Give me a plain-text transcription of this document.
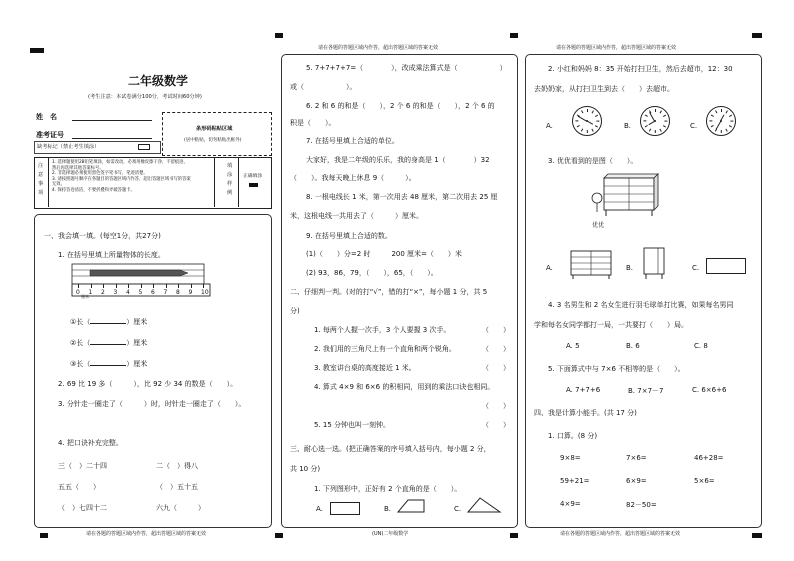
请在各题的答题区域内作答，超出答题区域的答案无效	请在各题的答题区域内作答，超出答题区域的答案无效
请在各题的答题区域内作答，超出答题区域的答案无效	(UN)二年级数学	请在各题的答题区域内作答，超出答题区域的答案无效
二年级数学
(考生注意：本试卷满分100分，考试时间60分钟)
姓　名
准考证号
缺考标记（禁止考生填涂）
条形码粘贴区域
(居中粘贴，切勿粘贴出框外)
注意事项
1. 选择题使用2B铅笔填涂，如需改动，必须用橡皮擦干净，不留痕迹，然后再选择其他答案标号。
2. 非选择题必须使用黑色签字笔书写，笔迹清楚。
3. 请按照题号顺序在各题目的答题区域内作答，超出答题区域书写的答案无效。
4. 保持答卷清洁，不要折叠和弄破答题卡。
填涂样例
正确填涂
一、我会填一填。(每空1分，共27分)
1. 在括号里填上所量物体的长度。
0 1 2 3 4 5 6 7 8 9 10
厘米
①长（	）厘米
②长（	）厘米
③长（	）厘米
2. 69 比 19 多（　　　），比 92 少 34 的数是（　　）。
3. 分针走一圈走了（　　　）时，时针走一圈走了（　　）。
4. 把口诀补充完整。
三（　）二十四	二（　）得八
五五（　　）	（　）五十五
（　）七四十二	六九（　　　）
5. 7+7+7+7=（　　　　），改成乘法算式是（　　　　　　）
或（　　　　　　）。
6. 2 和 6 的和是（　　），2 个 6 的和是（　　），2 个 6 的
积是（　　）。
7. 在括号里填上合适的单位。
大家好，我是二年级的乐乐，我的身高是 1（　　　　）32
（　　）。我每天晚上休息 9（　　　）。
8. 一根电线长 1 米，第一次用去 48 厘米，第二次用去 25 厘
米，这根电线一共用去了（　　　）厘米。
9. 在括号里填上合适的数。
(1)（　　）分=2 时　　　200 厘米=（　　）米
(2) 93，86，79，（　　），65，（　　）。
二、仔细判一判。(对的打“√”，错的打“×”，每小题 1 分，共 5
分)
1. 每两个人握一次手，3 个人要握 3 次手。	（　　）
2. 我们用的三角尺上有一个直角和两个锐角。	（　　）
3. 教室讲台桌的高度接近 1 米。	（　　）
4. 算式 4×9 和 6×6 的积相同，用到的乘法口诀也相同。
（　　）
5. 15 分钟也叫一刻钟。	（　　）
三、耐心选一选。(把正确答案的序号填入括号内，每小题 2 分，
共 10 分)
1. 下列图形中，正好有 2 个直角的是（　　）。
A.	B.	C.
2. 小红和妈妈 8：35 开始打扫卫生，然后去超市，12：30
去奶奶家，从打扫卫生到去（　　）去超市。
A.	B.	C.
3. 优优看到的是图（　　）。
优优
A.	B.	C.
4. 3 名男生和 2 名女生进行羽毛球单打比赛，如果每名男同
学和每名女同学都打一局，一共要打（　　）局。
A. 5	B. 6	C. 8
5. 下面算式中与 7×6 不相等的是（　　）。
A. 7+7+6	B. 7×7－7	C. 6×6+6
四、我是计算小能手。(共 17 分)
1. 口算。(8 分)
9×8=	7×6=	46+28=
59+21=	6×9=	5×6=
4×9=	82－50=
